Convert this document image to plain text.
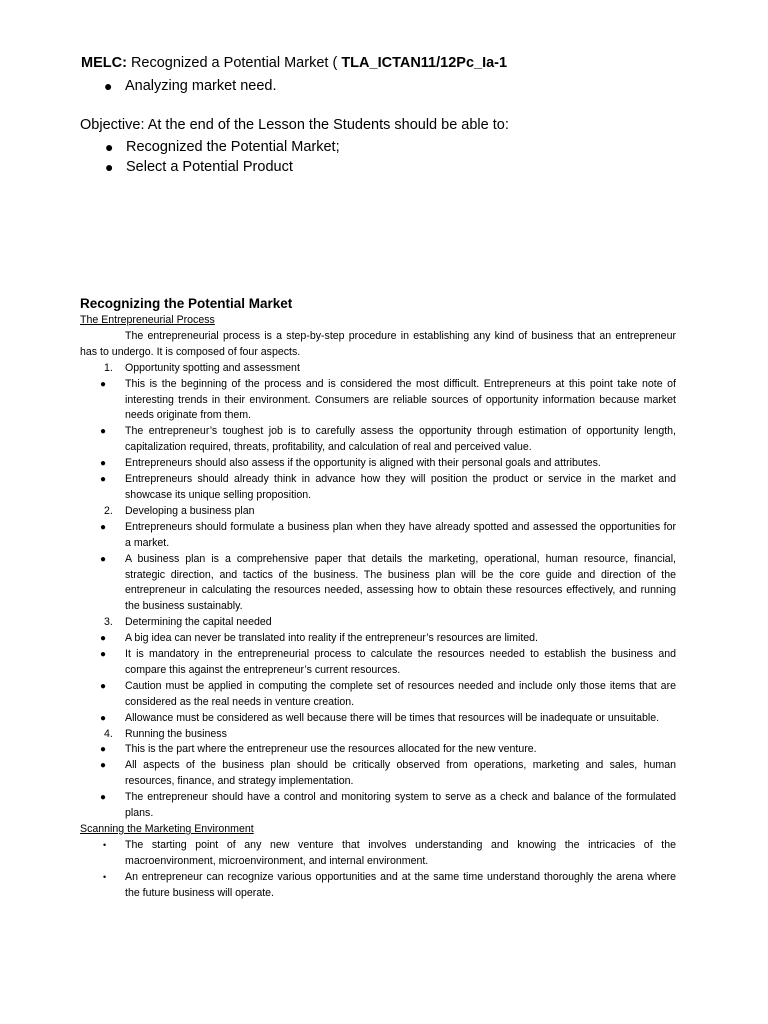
MELC: Recognized a Potential Market ( TLA_ICTAN11/12Pc_Ia-1
● Analyzing market need.
Objective: At the end of the Lesson the Students should be able to:
● Recognized the Potential Market;
● Select a Potential Product
Recognizing the Potential Market
The Entrepreneurial Process

The entrepreneurial process is a step-by-step procedure in establishing any kind of business that an entrepreneur has to undergo. It is composed of four aspects.

1. Opportunity spotting and assessment
● This is the beginning of the process and is considered the most difficult. Entrepreneurs at this point take note of interesting trends in their environment. Consumers are reliable sources of opportunity information because market needs originate from them.
● The entrepreneur’s toughest job is to carefully assess the opportunity through estimation of opportunity length, capitalization required, threats, profitability, and calculation of real and perceived value.
● Entrepreneurs should also assess if the opportunity is aligned with their personal goals and attributes.
● Entrepreneurs should already think in advance how they will position the product or service in the market and showcase its unique selling proposition.
2. Developing a business plan
● Entrepreneurs should formulate a business plan when they have already spotted and assessed the opportunities for a market.
● A business plan is a comprehensive paper that details the marketing, operational, human resource, financial, strategic direction, and tactics of the business. The business plan will be the core guide and direction of the entrepreneur in calculating the resources needed, assessing how to obtain these resources effectively, and running the business sustainably.
3. Determining the capital needed
● A big idea can never be translated into reality if the entrepreneur’s resources are limited.
● It is mandatory in the entrepreneurial process to calculate the resources needed to establish the business and compare this against the entrepreneur’s current resources.
● Caution must be applied in computing the complete set of resources needed and include only those items that are considered as the real needs in venture creation.
● Allowance must be considered as well because there will be times that resources will be inadequate or unsuitable.
4. Running the business
● This is the part where the entrepreneur use the resources allocated for the new venture.
● All aspects of the business plan should be critically observed from operations, marketing and sales, human resources, finance, and strategy implementation.
● The entrepreneur should have a control and monitoring system to serve as a check and balance of the formulated plans.
Scanning the Marketing Environment
• The starting point of any new venture that involves understanding and knowing the intricacies of the macroenvironment, microenvironment, and internal environment.
• An entrepreneur can recognize various opportunities and at the same time understand thoroughly the arena where the future business will operate.
